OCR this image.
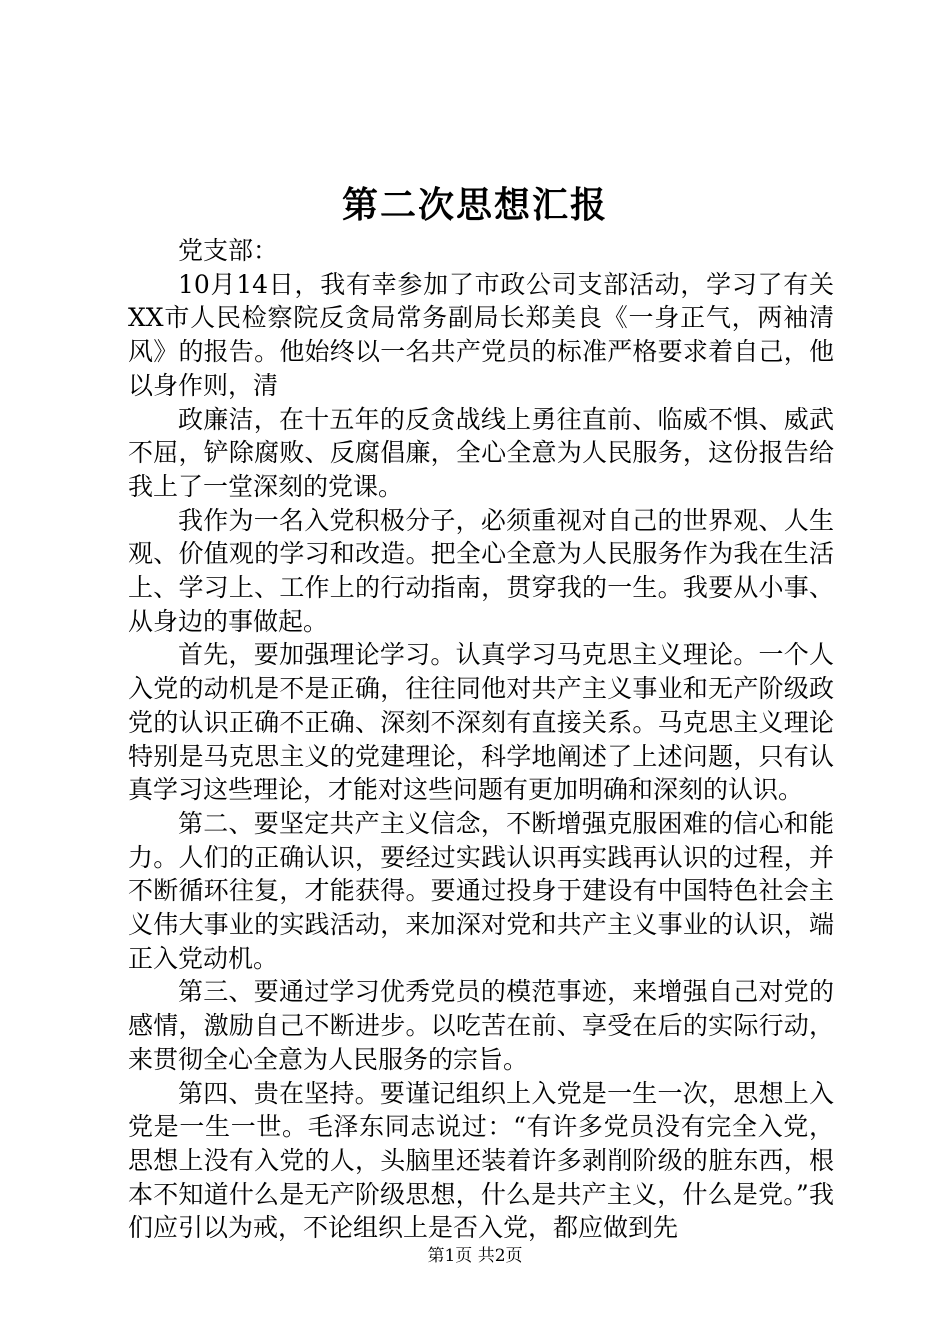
第二次思想汇报

党支部：

10月14日，我有幸参加了市政公司支部活动，学习了有关XX市人民检察院反贪局常务副局长郑美良《一身正气，两袖清风》的报告。他始终以一名共产党员的标准严格要求着自己，他以身作则，清

政廉洁，在十五年的反贪战线上勇往直前、临威不惧、威武不屈，铲除腐败、反腐倡廉，全心全意为人民服务，这份报告给我上了一堂深刻的党课。

我作为一名入党积极分子，必须重视对自己的世界观、人生观、价值观的学习和改造。把全心全意为人民服务作为我在生活上、学习上、工作上的行动指南，贯穿我的一生。我要从小事、从身边的事做起。

首先，要加强理论学习。认真学习马克思主义理论。一个人入党的动机是不是正确，往往同他对共产主义事业和无产阶级政党的认识正确不正确、深刻不深刻有直接关系。马克思主义理论特别是马克思主义的党建理论，科学地阐述了上述问题，只有认真学习这些理论，才能对这些问题有更加明确和深刻的认识。

第二、要坚定共产主义信念，不断增强克服困难的信心和能力。人们的正确认识，要经过实践认识再实践再认识的过程，并不断循环往复，才能获得。要通过投身于建设有中国特色社会主义伟大事业的实践活动，来加深对党和共产主义事业的认识，端正入党动机。

第三、要通过学习优秀党员的模范事迹，来增强自己对党的感情，激励自己不断进步。以吃苦在前、享受在后的实际行动，来贯彻全心全意为人民服务的宗旨。

第四、贵在坚持。要谨记组织上入党是一生一次，思想上入党是一生一世。毛泽东同志说过：“有许多党员没有完全入党，思想上没有入党的人，头脑里还装着许多剥削阶级的脏东西，根本不知道什么是无产阶级思想，什么是共产主义，什么是党。”我们应引以为戒，不论组织上是否入党，都应做到先

第1页 共2页
